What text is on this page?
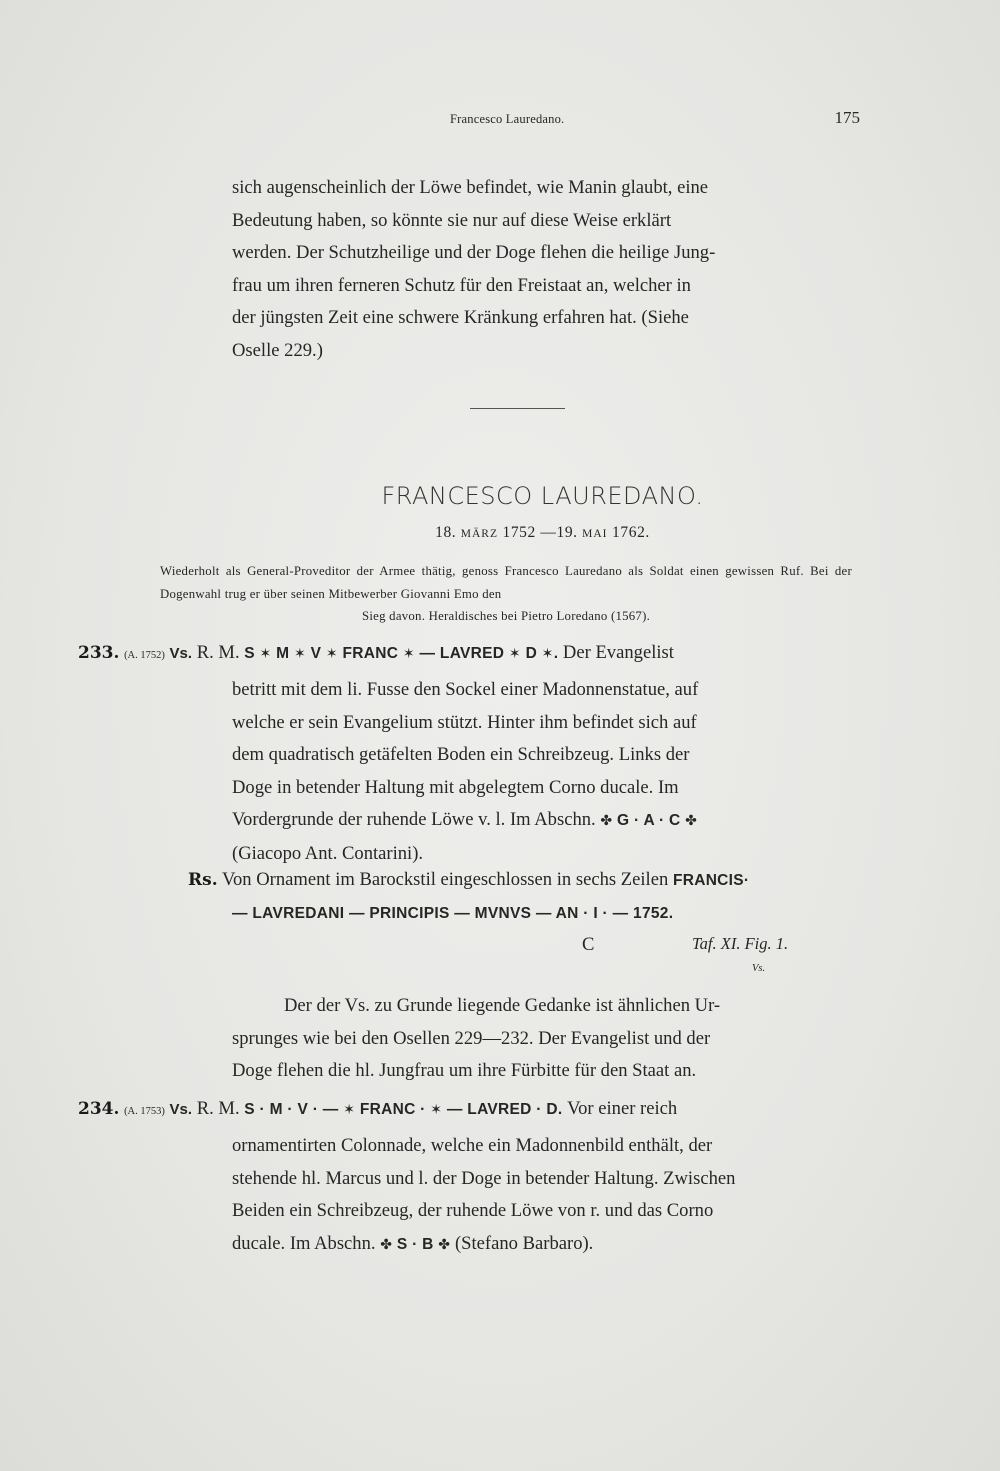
Francesco Lauredano.	175
sich augenscheinlich der Löwe befindet, wie Manin glaubt, eine
Bedeutung haben, so könnte sie nur auf diese Weise erklärt
werden. Der Schutzheilige und der Doge flehen die heilige Jung-
frau um ihren ferneren Schutz für den Freistaat an, welcher in
der jüngsten Zeit eine schwere Kränkung erfahren hat. (Siehe
Oselle 229.)
FRANCESCO LAUREDANO.
18. MÄRZ 1752 —19. MAI 1762.
Wiederholt als General-Proveditor der Armee thätig, genoss Francesco Lauredano als Soldat einen gewissen Ruf. Bei der Dogenwahl trug er über seinen Mitbewerber Giovanni Emo den
Sieg davon. Heraldisches bei Pietro Loredano (1567).
233. (A. 1752) Vs. R. M. S ✶ M ✶ V ✶ FRANC ✶ — LAVRED ✶ D ✶. Der Evangelist
betritt mit dem li. Fusse den Sockel einer Madonnenstatue, auf
welche er sein Evangelium stützt. Hinter ihm befindet sich auf
dem quadratisch getäfelten Boden ein Schreibzeug. Links der
Doge in betender Haltung mit abgelegtem Corno ducale. Im
Vordergrunde der ruhende Löwe v. l. Im Abschn. ✤ G · A · C ✤
(Giacopo Ant. Contarini).
Rs. Von Ornament im Barockstil eingeschlossen in sechs Zeilen FRANCIS·
— LAVREDANI — PRINCIPIS — MVNVS — AN · I · — 1752.
C	Taf. XI. Fig. 1.
Vs.
Der der Vs. zu Grunde liegende Gedanke ist ähnlichen Ur-
sprunges wie bei den Osellen 229—232. Der Evangelist und der
Doge flehen die hl. Jungfrau um ihre Fürbitte für den Staat an.
234. (A. 1753) Vs. R. M. S · M · V · — ✶ FRANC · ✶ — LAVRED · D. Vor einer reich
ornamentirten Colonnade, welche ein Madonnenbild enthält, der
stehende hl. Marcus und l. der Doge in betender Haltung. Zwischen
Beiden ein Schreibzeug, der ruhende Löwe von r. und das Corno
ducale. Im Abschn. ✤ S · B ✤ (Stefano Barbaro).
